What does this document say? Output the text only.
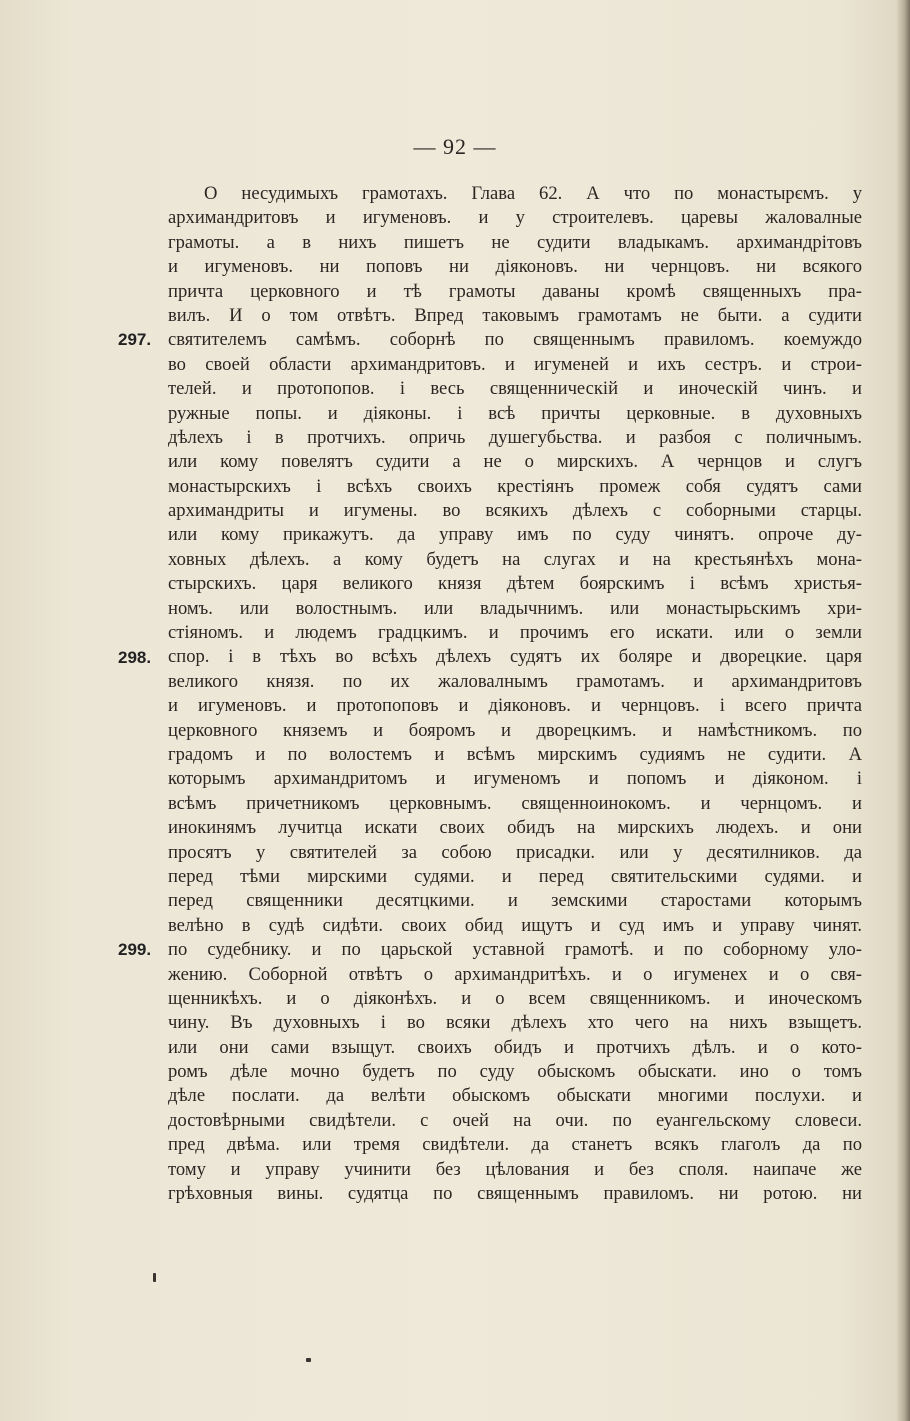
— 92 —
О несудимыхъ грамотахъ. Глава 62. А что по монастырємъ. у
архимандритовъ и игуменовъ. и у строителевъ. царевы жаловалные
грамоты. а в нихъ пишетъ не судити владыкамъ. архимандрiтовъ
и игуменовъ. ни поповъ ни дiяконовъ. ни чернцовъ. ни всякого
причта церковного и тѣ грамоты даваны кромѣ священныхъ пра-
вилъ. И о том отвѣтъ. Впред таковымъ грамотамъ не быти. а судити
святителемъ самѣмъ. соборнѣ по священнымъ правиломъ. коемуждо
во своей области архимандритовъ. и игуменей и ихъ сестръ. и строи-
телей. и протопопов. i весь священническiй и иноческiй чинъ. и
ружные попы. и дiяконы. i всѣ причты церковные. в духовныхъ
дѣлехъ i в протчихъ. опричь душегубьства. и разбоя с поличнымъ.
или кому повелятъ судити а не о мирскихъ. А чернцов и слугъ
монастырскихъ i всѣхъ своихъ крестiянъ промеж собя судятъ сами
архимандриты и игумены. во всякихъ дѣлехъ с соборными старцы.
или кому прикажутъ. да управу имъ по суду чинятъ. опроче ду-
ховных дѣлехъ. а кому будетъ на слугах и на крестьянѣхъ мона-
стырскихъ. царя великого князя дѣтем боярскимъ i всѣмъ христья-
номъ. или волостнымъ. или владычнимъ. или монастырьскимъ хри-
стiяномъ. и людемъ градцкимъ. и прочимъ его искати. или о земли
спор. i в тѣхъ во всѣхъ дѣлехъ судятъ их боляре и дворецкие. царя
великого князя. по их жаловалнымъ грамотамъ. и архимандритовъ
и игуменовъ. и протопоповъ и дiяконовъ. и чернцовъ. i всего причта
церковного княземъ и бояромъ и дворецкимъ. и намѣстникомъ. по
градомъ и по волостемъ и всѣмъ мирскимъ судиямъ не судити. А
которымъ архимандритомъ и игуменомъ и попомъ и дiяконом. i
всѣмъ причетникомъ церковнымъ. священноинокомъ. и чернцомъ. и
инокинямъ лучитца искати своих обидъ на мирскихъ людехъ. и они
просятъ у святителей за собою присадки. или у десятилников. да
перед тѣми мирскими судями. и перед святительскими судями. и
перед священники десятцкими. и земскими старостами которымъ
велѣно в судѣ сидѣти. своих обид ищутъ и суд имъ и управу чинят.
по судебнику. и по царьской уставной грамотѣ. и по соборному уло-
жению. Соборной отвѣтъ о архимандритѣхъ. и о игуменех и о свя-
щенникѣхъ. и о дiяконѣхъ. и о всем священникомъ. и иноческомъ
чину. Въ духовныхъ i во всяки дѣлехъ хто чего на нихъ взыщетъ.
или они сами взыщут. своихъ обидъ и протчихъ дѣлъ. и о кото-
ромъ дѣле мочно будетъ по суду обыскомъ обыскати. ино о томъ
дѣле послати. да велѣти обыскомъ обыскати многими послухи. и
достовѣрными свидѣтели. с очей на очи. по еуангельскому словеси.
пред двѣма. или тремя свидѣтели. да станетъ всякъ глаголъ да по
тому и управу учинити без цѣлования и без споля. наипаче же
грѣховныя вины. судятца по священнымъ правиломъ. ни ротою. ни
297.
298.
299.
